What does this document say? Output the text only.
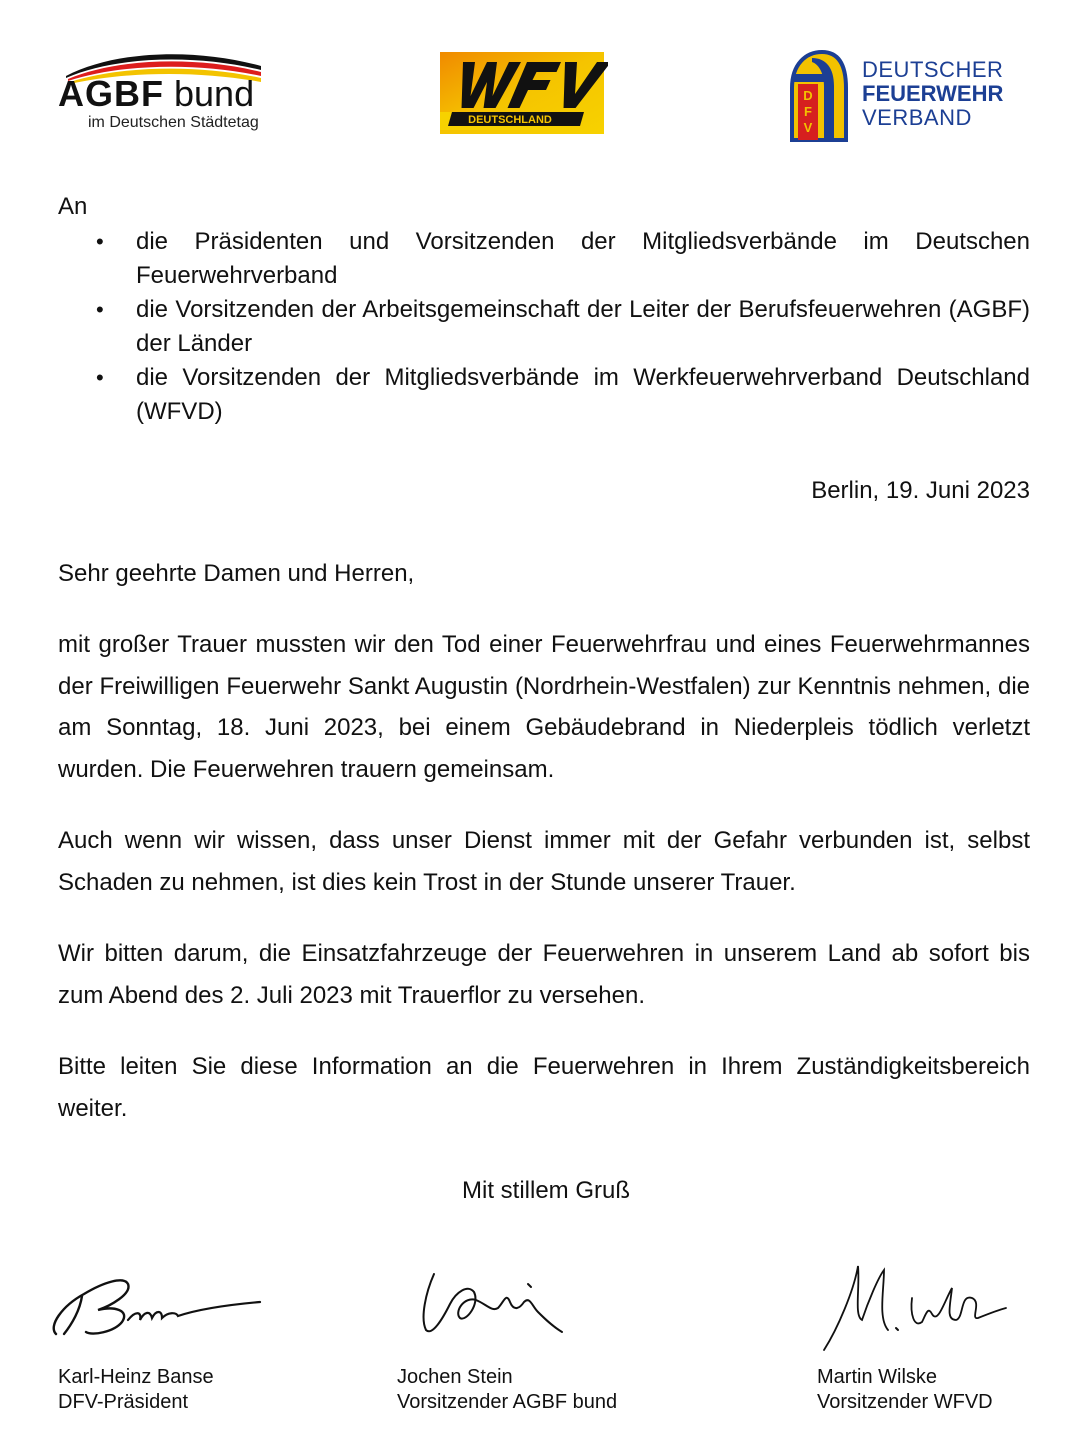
AGBF bund
im Deutschen Städtetag	DEUTSCHLAND
D
F
V
DEUTSCHER
FEUERWEHR
VERBAND
An
• die Präsidenten und Vorsitzenden der Mitgliedsverbände im Deutschen Feuerwehrverband
• die Vorsitzenden der Arbeitsgemeinschaft der Leiter der Berufsfeuerwehren (AGBF) der Länder
• die Vorsitzenden der Mitgliedsverbände im Werkfeuerwehrverband Deutschland (WFVD)
Berlin, 19. Juni 2023
Sehr geehrte Damen und Herren,

mit großer Trauer mussten wir den Tod einer Feuerwehrfrau und eines Feuerwehrmannes der Freiwilligen Feuerwehr Sankt Augustin (Nordrhein-Westfalen) zur Kenntnis nehmen, die am Sonntag, 18. Juni 2023, bei einem Gebäudebrand in Niederpleis tödlich verletzt wurden. Die Feuerwehren trauern gemeinsam.

Auch wenn wir wissen, dass unser Dienst immer mit der Gefahr verbunden ist, selbst Schaden zu nehmen, ist dies kein Trost in der Stunde unserer Trauer.

Wir bitten darum, die Einsatzfahrzeuge der Feuerwehren in unserem Land ab sofort bis zum Abend des 2. Juli 2023 mit Trauerflor zu versehen.

Bitte leiten Sie diese Information an die Feuerwehren in Ihrem Zuständigkeitsbereich weiter.

Mit stillem Gruß
Karl-Heinz Banse
DFV-Präsident
Jochen Stein
Vorsitzender AGBF bund
Martin Wilske
Vorsitzender WFVD
